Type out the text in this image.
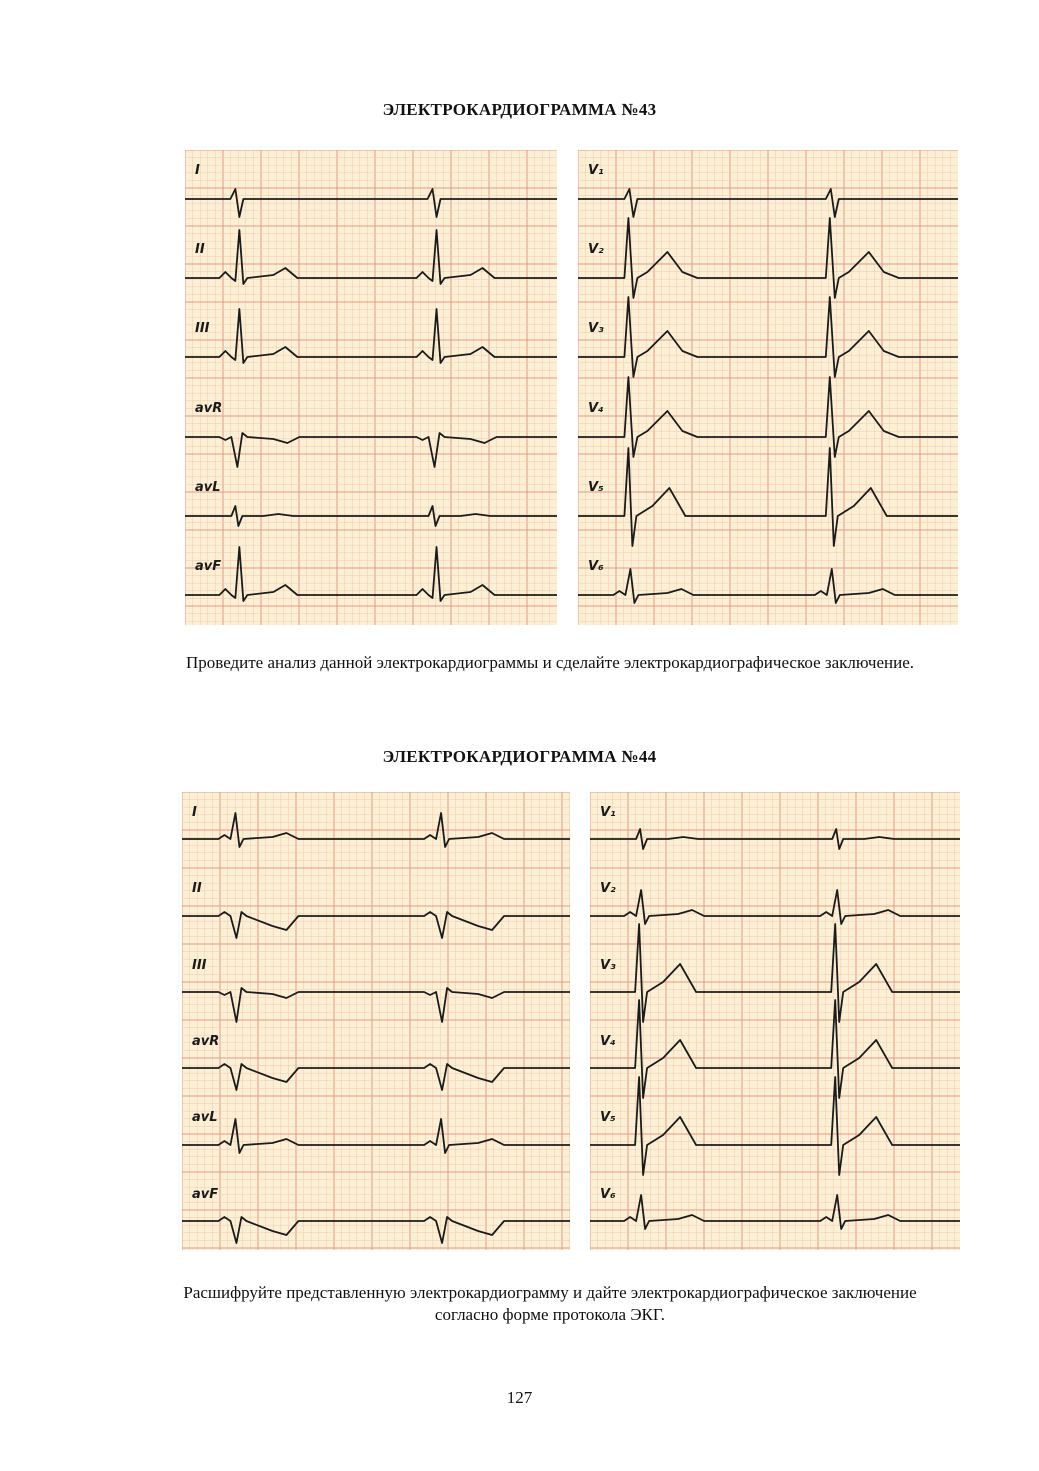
ЭЛЕКТРОКАРДИОГРАММА №43
I
II
III
avR
avL
avF
V₁
V₂
V₃
V₄
V₅
V₆
Проведите анализ данной электрокардиограммы и сделайте электрокардиографическое заключение.
ЭЛЕКТРОКАРДИОГРАММА №44
I
II
III
avR
avL
avF
V₁
V₂
V₃
V₄
V₅
V₆
Расшифруйте представленную электрокардиограмму и дайте электрокардиографическое заключение согласно форме протокола ЭКГ.
127
